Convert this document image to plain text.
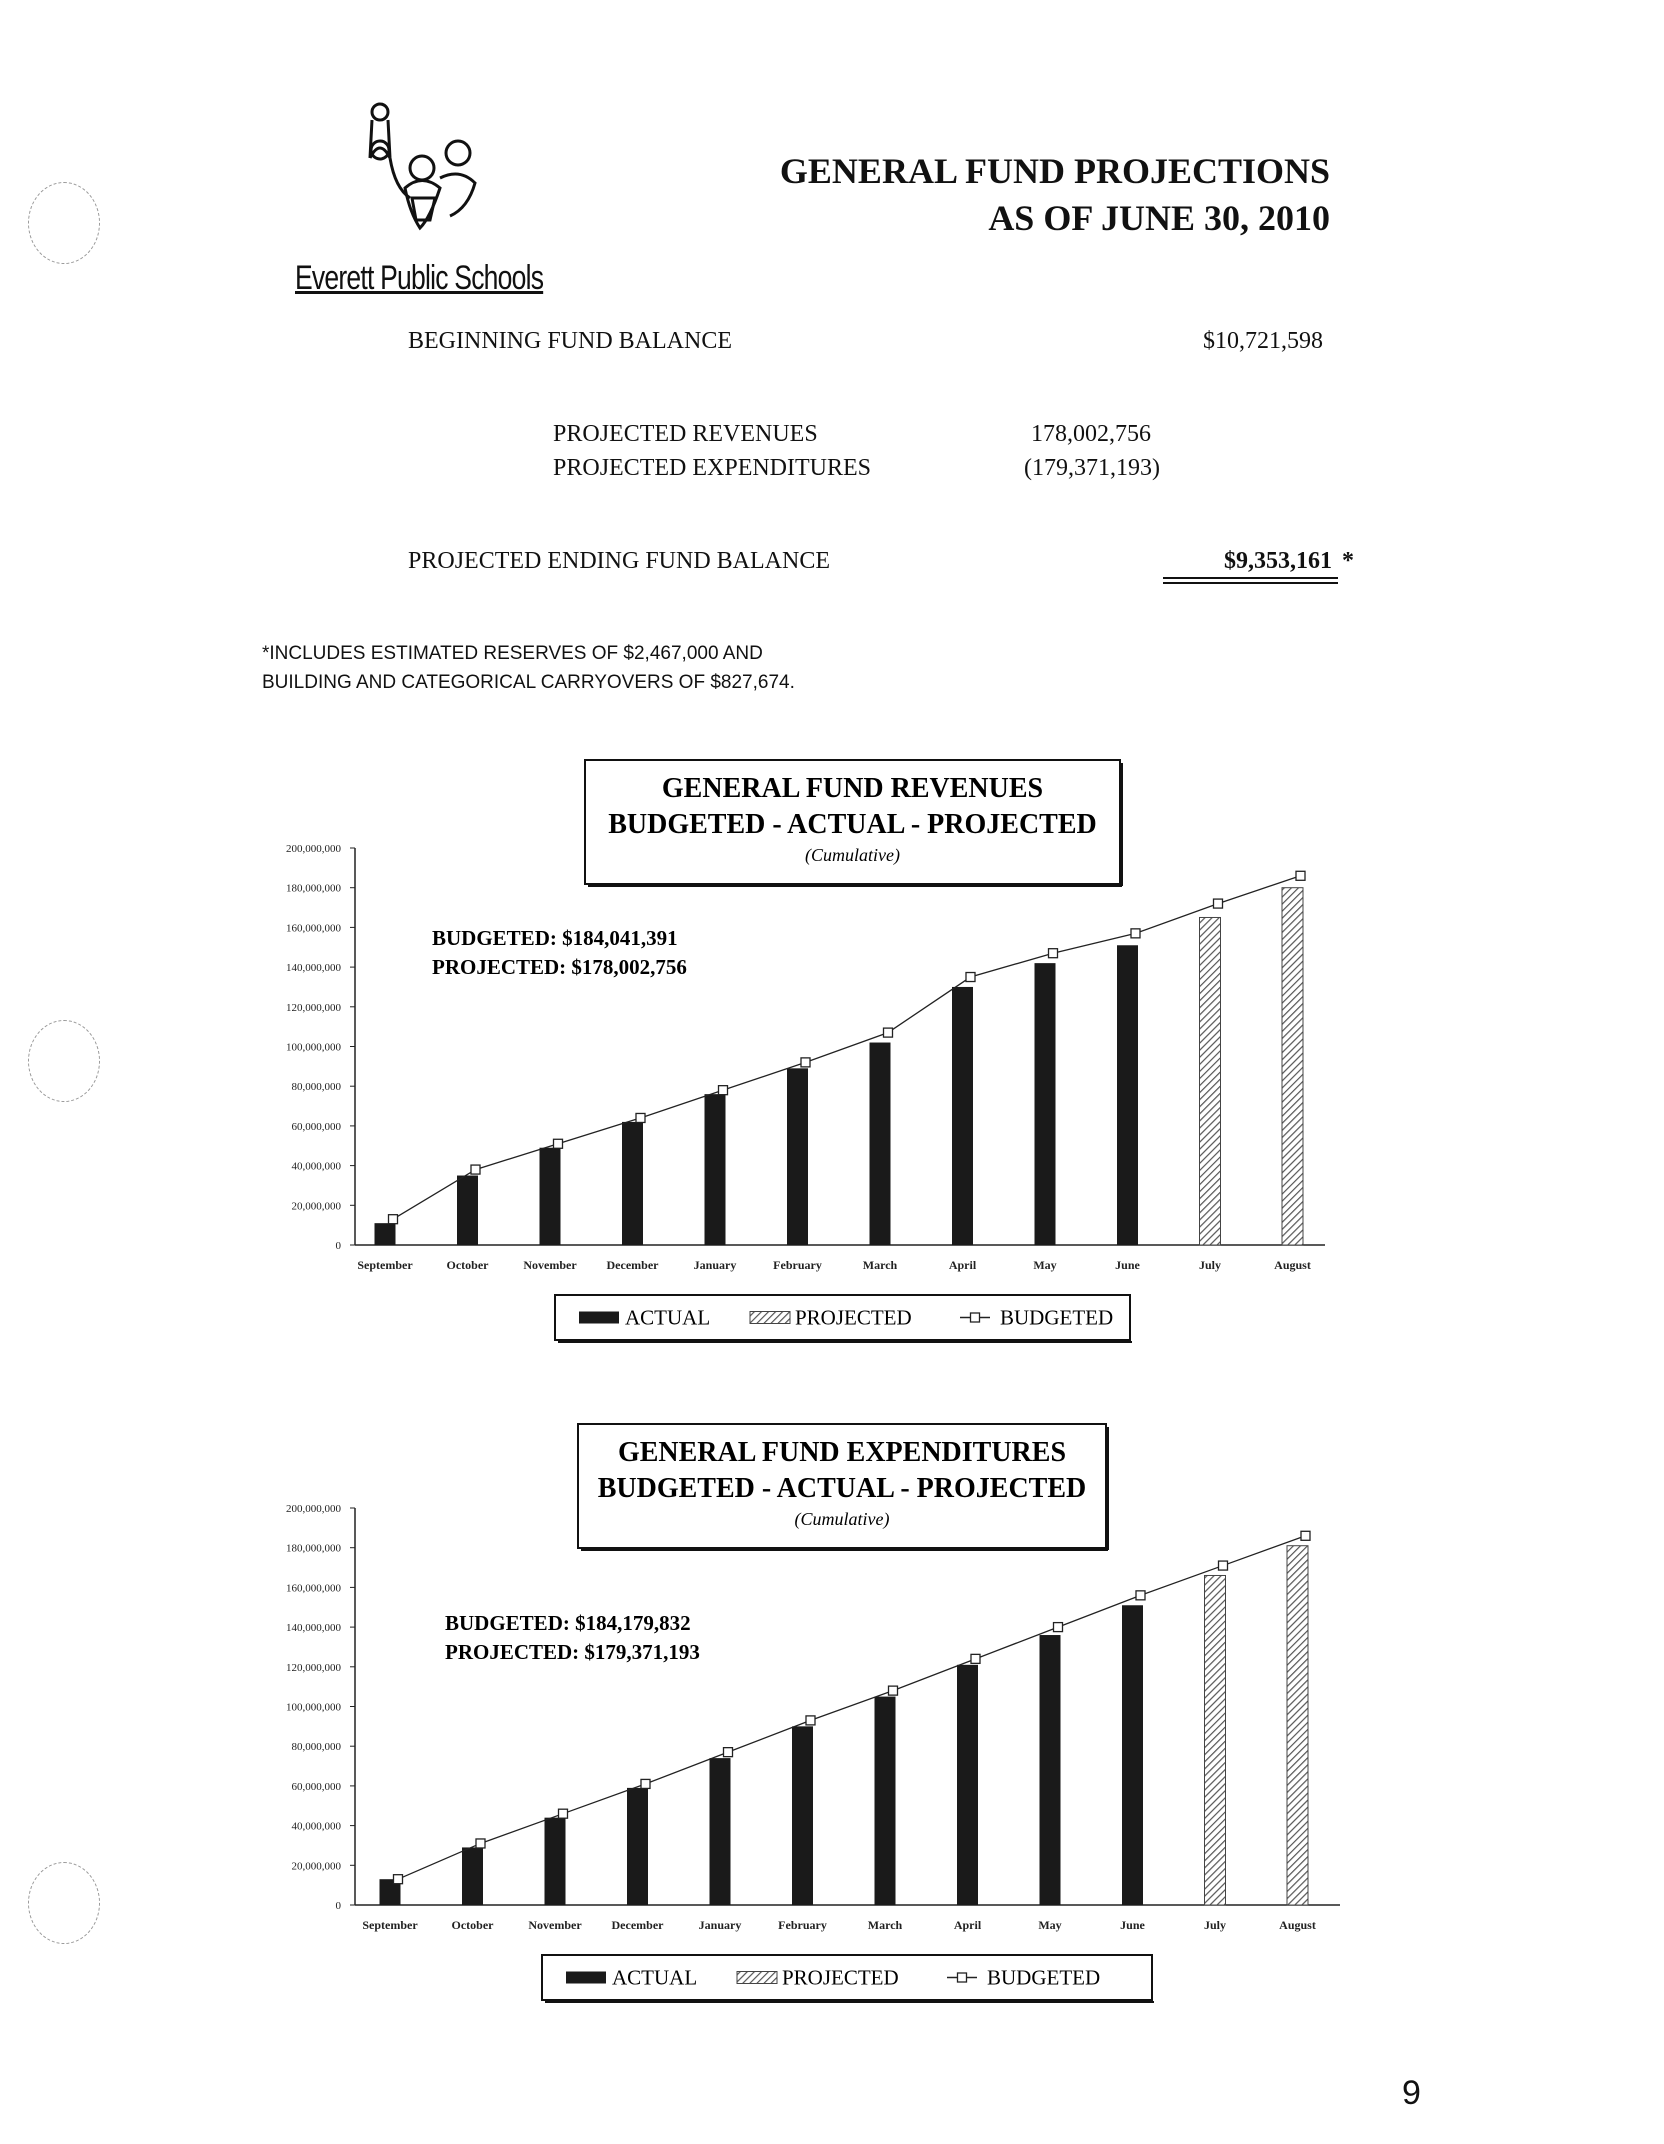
Everett Public Schools
GENERAL FUND PROJECTIONS
AS OF JUNE 30, 2010
BEGINNING FUND BALANCE	$10,721,598
PROJECTED REVENUES	178,002,756
PROJECTED EXPENDITURES	(179,371,193)
PROJECTED ENDING FUND BALANCE	$9,353,161 *
*INCLUDES ESTIMATED RESERVES OF $2,467,000 AND
BUILDING AND CATEGORICAL CARRYOVERS OF $827,674.
0
20,000,000
40,000,000
60,000,000
80,000,000
100,000,000
120,000,000
140,000,000
160,000,000
180,000,000
200,000,000
September	October	November December	January	February	March	April	May	June	July	August
GENERAL FUND REVENUES
BUDGETED - ACTUAL - PROJECTED
(Cumulative)
BUDGETED: $184,041,391
PROJECTED: $178,002,756
ACTUAL	PROJECTED	BUDGETED
0
20,000,000
40,000,000
60,000,000
80,000,000
100,000,000
120,000,000
140,000,000
160,000,000
180,000,000
200,000,000
September	October	November December	January	February	March	April	May	June	July	August
GENERAL FUND EXPENDITURES
BUDGETED - ACTUAL - PROJECTED
(Cumulative)
BUDGETED: $184,179,832
PROJECTED: $179,371,193
ACTUAL	PROJECTED	BUDGETED
9
